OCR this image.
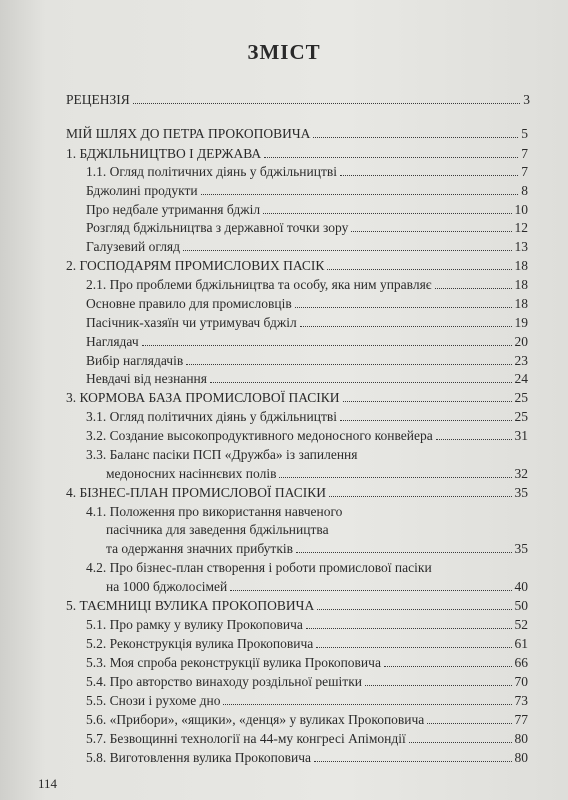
ЗМІСТ
РЕЦЕНЗІЯ	3
МІЙ ШЛЯХ ДО ПЕТРА ПРОКОПОВИЧА	5
1. БДЖІЛЬНИЦТВО І ДЕРЖАВА	7
1.1. Огляд політичних діянь у бджільництві	7
Бджолині продукти	8
Про недбале утримання бджіл	10
Розгляд бджільництва з державної точки зору	12
Галузевий огляд	13
2. ГОСПОДАРЯМ ПРОМИСЛОВИХ ПАСІК	18
2.1. Про проблеми бджільництва та особу, яка ним управляє	18
Основне правило для промисловців	18
Пасічник-хазяїн чи утримувач бджіл	19
Наглядач	20
Вибір наглядачів	23
Невдачі від незнання	24
3. КОРМОВА БАЗА ПРОМИСЛОВОЇ ПАСІКИ	25
3.1. Огляд політичних діянь у бджільництві	25
3.2. Создание высокопродуктивного медоносного конвейера	31
3.3. Баланс пасіки ПСП «Дружба» із запилення
медоносних насіннєвих полів	32
4. БІЗНЕС-ПЛАН ПРОМИСЛОВОЇ ПАСІКИ	35
4.1. Положення про використання навченого
пасічника для заведення бджільництва
та одержання значних прибутків	35
4.2. Про бізнес-план створення і роботи промислової пасіки
на 1000 бджолосімей	40
5. ТАЄМНИЦІ ВУЛИКА ПРОКОПОВИЧА	50
5.1. Про рамку у вулику Прокоповича	52
5.2. Реконструкція вулика Прокоповича	61
5.3. Моя спроба реконструкції вулика Прокоповича	66
5.4. Про авторство винаходу роздільної решітки	70
5.5. Снози і рухоме дно	73
5.6. «Прибори», «ящики», «денця» у вуликах Прокоповича	77
5.7. Безвощинні технології на 44-му конгресі Апімондії	80
5.8. Виготовлення вулика Прокоповича	80
114
